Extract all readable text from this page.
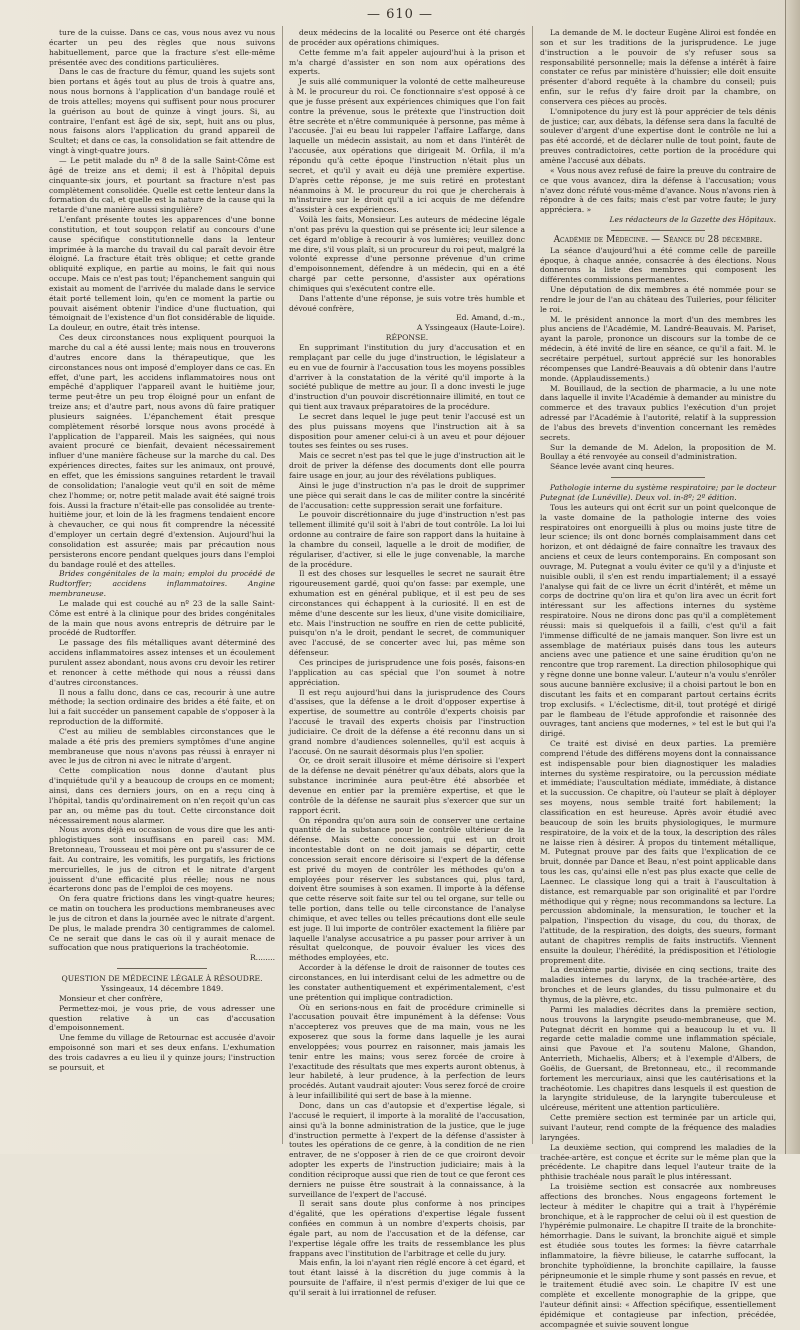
— 610 —

ture de la cuisse. Dans ce cas, vous nous avez vu nous écarter un peu des règles que nous suivons habituellement, parce que la fracture s'est elle-même présentée avec des conditions particulières.

Dans le cas de fracture du fémur, quand les sujets sont bien portans et âgés tout au plus de trois à quatre ans, nous nous bornons à l'application d'un bandage roulé et de trois attelles; moyens qui suffisent pour nous procurer la guérison au bout de quinze à vingt jours. Si, au contraire, l'enfant est âgé de six, sept, huit ans ou plus, nous faisons alors l'application du grand appareil de Scultet; et dans ce cas, la consolidation se fait attendre de vingt à vingt-quatre jours.

— Le petit malade du nº 8 de la salle Saint-Côme est âgé de treize ans et demi; il est à l'hôpital depuis cinquante-six jours, et pourtant sa fracture n'est pas complètement consolidée. Quelle est cette lenteur dans la formation du cal, et quelle est la nature de la cause qui la retarde d'une manière aussi singulière?

L'enfant présente toutes les apparences d'une bonne constitution, et tout soupçon relatif au concours d'une cause spécifique constitutionnelle dans la lenteur imprimée à la marche du travail du cal paraît devoir être éloigné. La fracture était très oblique; et cette grande obliquité explique, en partie au moins, le fait qui nous occupe. Mais ce n'est pas tout; l'épanchement sanguin qui existait au moment de l'arrivée du malade dans le service était porté tellement loin, qu'en ce moment la partie ou pouvait aisément obtenir l'indice d'une fluctuation, qui témoignait de l'existence d'un flot considérable de liquide. La douleur, en outre, était très intense.

Ces deux circonstances nous expliquent pourquoi la marche du cal a été aussi lente; mais nous en trouverons d'autres encore dans la thérapeutique, que les circonstances nous ont imposé d'employer dans ce cas. En effet, d'une part, les accidens inflammatoires nous ont empêché d'appliquer l'appareil avant le huitième jour, terme peut-être un peu trop éloigné pour un enfant de treize ans; et d'autre part, nous avons dû faire pratiquer plusieurs saignées. L'épanchement était presque complètement résorbé lorsque nous avons procédé à l'application de l'appareil. Mais les saignées, qui nous avaient procuré ce bienfait, devaient nécessairement influer d'une manière fâcheuse sur la marche du cal. Des expériences directes, faites sur les animaux, ont prouvé, en effet, que les émissions sanguines retardent le travail de consolidation; l'analogie veut qu'il en soit de même chez l'homme; or, notre petit malade avait été saigné trois fois. Aussi la fracture n'était-elle pas consolidée au trente-huitième jour, et loin de là les fragmens tendaient encore à chevaucher, ce qui nous fit comprendre la nécessité d'employer un certain degré d'extension. Aujourd'hui la consolidation est assurée; mais par précaution nous persisterons encore pendant quelques jours dans l'emploi du bandage roulé et des attelles.

Brides congénitales de la main; emploi du procédé de Rudtorffer; accidens inflammatoires. Angine membraneuse.

Le malade qui est couché au nº 23 de la salle Saint-Côme est entré à la clinique pour des brides congénitales de la main que nous avons entrepris de détruire par le procédé de Rudtorffer.

Le passage des fils métalliques avant déterminé des accidens inflammatoires assez intenses et un écoulement purulent assez abondant, nous avons cru devoir les retirer et renoncer à cette méthode qui nous a réussi dans d'autres circonstances.

Il nous a fallu donc, dans ce cas, recourir à une autre méthode; la section ordinaire des brides a été faite, et on lui a fait succéder un pansement capable de s'opposer à la reproduction de la difformité.

C'est au milieu de semblables circonstances que le malade a été pris des premiers symptômes d'une angine membraneuse que nous n'avons pas réussi à enrayer ni avec le jus de citron ni avec le nitrate d'argent.

Cette complication nous donne d'autant plus d'inquiétude qu'il y a beaucoup de croups en ce moment; ainsi, dans ces derniers jours, on en a reçu cinq à l'hôpital, tandis qu'ordinairement on n'en reçoit qu'un cas par an, ou même pas du tout. Cette circonstance doit nécessairement nous alarmer.

Nous avons déjà eu occasion de vous dire que les anti-phlogistiques sont insuffisans en pareil cas: MM. Bretonneau, Trousseau et moi père ont pu s'assurer de ce fait. Au contraire, les vomitifs, les purgatifs, les frictions mercurielles, le jus de citron et le nitrate d'argent jouissent d'une efficacité plus réelle; nous ne nous écarterons donc pas de l'emploi de ces moyens.

On fera quatre frictions dans les vingt-quatre heures; ce matin on touchera les productions membraneuses avec le jus de citron et dans la journée avec le nitrate d'argent. De plus, le malade prendra 30 centigrammes de calomel. Ce ne serait que dans le cas où il y aurait menace de suffocation que nous pratiquerions la trachéotomie.

R........

QUESTION DE MÉDECINE LÉGALE À RÉSOUDRE.

Yssingeaux, 14 décembre 1849.

Monsieur et cher confrère,

Permettez-moi, je vous prie, de vous adresser une question relative à un cas d'accusation d'empoisonnement.

Une femme du village de Retournac est accusée d'avoir empoisonné son mari et ses deux enfans. L'exhumation des trois cadavres a eu lieu il y quinze jours; l'instruction se poursuit, et

deux médecins de la localité ou Peserce ont été chargés de procéder aux opérations chimiques.

Cette femme m'a fait appeler aujourd'hui à la prison et m'a chargé d'assister en son nom aux opérations des experts.

Je suis allé communiquer la volonté de cette malheureuse à M. le procureur du roi. Ce fonctionnaire s'est opposé à ce que je fusse présent aux expériences chimiques que l'on fait contre la prévenue, sous le prétexte que l'instruction doit être secrète et n'être communiquée à personne, pas même à l'accusée. J'ai eu beau lui rappeler l'affaire Laffarge, dans laquelle un médecin assistait, au nom et dans l'intérêt de l'accusée, aux opérations que dirigeait M. Orfila, il m'a répondu qu'à cette époque l'instruction n'était plus un secret, et qu'il y avait eu déjà une première expertise. D'après cette réponse, je me suis retiré en protestant néanmoins à M. le procureur du roi que je chercherais à m'instruire sur le droit qu'il a ici acquis de me défendre d'assister à ces expériences.

Voilà les faits, Monsieur. Les auteurs de médecine légale n'ont pas prévu la question qui se présente ici; leur silence a cet égard m'oblige à recourir à vos lumières; veuillez donc me dire, s'il vous plaît, si un procureur du roi peut, malgré la volonté expresse d'une personne prévenue d'un crime d'empoisonnement, défendre à un médecin, qui en a été chargé par cette personne, d'assister aux opérations chimiques qui s'exécutent contre elle.

Dans l'attente d'une réponse, je suis votre très humble et dévoué confrère,

Ed. Amand, d.-m.,

A Yssingeaux (Haute-Loire).

RÉPONSE.

En supprimant l'institution du jury d'accusation et en remplaçant par celle du juge d'instruction, le législateur a eu en vue de fournir à l'accusation tous les moyens possibles d'arriver à la constatation de la vérité qu'il importe à la société publique de mettre au jour. Il a donc investi le juge d'instruction d'un pouvoir discrétionnaire illimité, en tout ce qui tient aux travaux préparatoires de la procédure.

Le secret dans lequel le juge peut tenir l'accusé est un des plus puissans moyens que l'instruction ait à sa disposition pour amener celui-ci à un aveu et pour déjouer toutes ses feintes ou ses ruses.

Mais ce secret n'est pas tel que le juge d'instruction ait le droit de priver la défense des documents dont elle pourra faire usage en jour, au jour des révélations publiques.

Ainsi le juge d'instruction n'a pas le droit de supprimer une pièce qui serait dans le cas de militer contre la sincérité de l'accusation: cette suppression serait une forfaiture.

Le pouvoir discrétionnaire du juge d'instruction n'est pas tellement illimité qu'il soit à l'abri de tout contrôle. La loi lui ordonne au contraire de faire son rapport dans la huitaine à la chambre du conseil, laquelle a le droit de modifier, de régulariser, d'activer, si elle le juge convenable, la marche de la procédure.

Il est des choses sur lesquelles le secret ne saurait être rigoureusement gardé, quoi qu'on fasse: par exemple, une exhumation est en général publique, et il est peu de ses circonstances qui échappent à la curiosité. Il en est de même d'une descente sur les lieux, d'une visite domiciliaire, etc. Mais l'instruction ne souffre en rien de cette publicité, puisqu'on n'a le droit, pendant le secret, de communiquer avec l'accusé, de se concerter avec lui, pas même son défenseur.

Ces principes de jurisprudence une fois posés, faisons-en l'application au cas spécial que l'on soumet à notre appréciation.

Il est reçu aujourd'hui dans la jurisprudence des Cours d'assises, que la défense a le droit d'opposer expertise à expertise, de soumettre au contrôle d'experts choisis par l'accusé le travail des experts choisis par l'instruction judiciaire. Ce droit de la défense a été reconnu dans un si grand nombre d'audiences solennelles, qu'il est acquis à l'accusé. On ne saurait désormais plus l'en spolier.

Or, ce droit serait illusoire et même dérisoire si l'expert de la défense ne devait pénétrer qu'aux débats, alors que la substance incriminée aura peut-être été absorbée et devenue en entier par la première expertise, et que le contrôle de la défense ne saurait plus s'exercer que sur un rapport écrit.

On répondra qu'on aura soin de conserver une certaine quantité de la substance pour le contrôle ultérieur de la défense. Mais cette concession, qui est un droit incontestable dont on ne doit jamais se départir, cette concession serait encore dérisoire si l'expert de la défense est privé du moyen de contrôler les méthodes qu'on a employées pour réserver les substances qui, plus tard, doivent être soumises à son examen. Il importe à la défense que cette réserve soit faite sur tel ou tel organe, sur telle ou telle portion, dans telle ou telle circonstance de l'analyse chimique, et avec telles ou telles précautions dont elle seule est juge. Il lui importe de contrôler exactement la filière par laquelle l'analyse accusatrice a pu passer pour arriver à un résultat quelconque, de pouvoir évaluer les vices des méthodes employées, etc.

Accorder à la défense le droit de raisonner de toutes ces circonstances, en lui interdisant celui de les admettre ou de les constater authentiquement et expérimentalement, c'est une prétention qui implique contradiction.

Où en serions-nous en fait de procédure criminelle si l'accusation pouvait être impunément à la défense: Vous n'accepterez vos preuves que de ma main, vous ne les exposerez que sous la forme dans laquelle je les aurai enveloppées; vous pourrez en raisonner, mais jamais les tenir entre les mains; vous serez forcée de croire à l'exactitude des résultats que mes experts auront obtenus, à leur habileté, à leur prudence, à la perfection de leurs procédés. Autant vaudrait ajouter: Vous serez forcé de croire à leur infaillibilité qui sert de base à la mienne.

Donc, dans un cas d'autopsie et d'expertise légale, si l'accusé le requiert, il importe à la moralité de l'accusation, ainsi qu'à la bonne administration de la justice, que le juge d'instruction permette à l'expert de la défense d'assister à toutes les opérations de ce genre, à la condition de ne rien entraver, de ne s'opposer à rien de ce que croiront devoir adopter les experts de l'instruction judiciaire; mais à la condition réciproque aussi que rien de tout ce que feront ces derniers ne puisse être soustrait à la connaissance, à la surveillance de l'expert de l'accusé.

Il serait sans doute plus conforme à nos principes d'égalité, que les opérations d'expertise légale fussent confiées en commun à un nombre d'experts choisis, par égale part, au nom de l'accusation et de la défense, car l'expertise légale offre les traits de ressemblance les plus frappans avec l'institution de l'arbitrage et celle du jury.

Mais enfin, la loi n'ayant rien réglé encore à cet égard, et tout étant laissé à la discrétion du juge commis à la poursuite de l'affaire, il n'est permis d'exiger de lui que ce qu'il serait à lui irrationnel de refuser.

La demande de M. le docteur Eugène Aliroi est fondée en son et sur les traditions de la jurisprudence. Le juge d'instruction a le pouvoir de s'y refuser sous sa responsabilité personnelle; mais la défense a intérêt à faire constater ce refus par ministère d'huissier; elle doit ensuite présenter d'abord requête à la chambre du conseil; puis enfin, sur le refus d'y faire droit par la chambre, on conservera ces pièces au procès.

L'omnipotence du jury est là pour apprécier de tels dénis de justice; car, aux débats, la défense sera dans la faculté de soulever d'argent d'une expertise dont le contrôle ne lui a pas été accordé, et de déclarer nulle de tout point, faute de preuves contradictoires, cette portion de la procédure qui amène l'accusé aux débats.

« Vous nous avez refusé de faire la preuve du contraire de ce que vous avancez, dira la défense à l'accusation; vous n'avez donc réfuté vous-même d'avance. Nous n'avons rien à répondre à de ces faits; mais c'est par votre faute; le jury appréciera. »

Les rédacteurs de la Gazette des Hôpitaux.

Académie de Médecine. — Séance du 28 décembre.

La séance d'aujourd'hui a été comme celle de pareille époque, à chaque année, consacrée à des élections. Nous donnerons la liste des membres qui composent les différentes commissions permanentes.

Une députation de dix membres a été nommée pour se rendre le jour de l'an au château des Tuileries, pour féliciter le roi.

M. le président annonce la mort d'un des membres les plus anciens de l'Académie, M. Landré-Beauvais. M. Pariset, ayant la parole, prononce un discours sur la tombe de ce médecin, à été invité de lire en séance, ce qu'il a fait. M. le secrétaire perpétuel, surtout apprécié sur les honorables récompenses que Landré-Beauvais a dû obtenir dans l'autre monde. (Applaudissements.)

M. Bouillaud, de la section de pharmacie, a lu une note dans laquelle il invite l'Académie à demander au ministre du commerce et des travaux publics l'exécution d'un projet adressé par l'Académie à l'autorité, relatif à la suppression de l'abus des brevets d'invention concernant les remèdes secrets.

Sur la demande de M. Adelon, la proposition de M. Boullay a été renvoyée au conseil d'administration.

Séance levée avant cinq heures.

Pathologie interne du système respiratoire; par le docteur Putegnat (de Lunéville). Deux vol. in-8º; 2º édition.

Tous les auteurs qui ont écrit sur un point quelconque de la vaste domaine de la pathologie interne des voies respiratoires ont enorgueilli à plus ou moins juste titre de leur science; ils ont donc bornés complaisamment dans cet horizon, et ont dédaigné de faire connaître les travaux des anciens et ceux de leurs contemporains. En composant son ouvrage, M. Putegnat a voulu éviter ce qu'il y a d'injuste et nuisible oubli, il s'en est rendu impartialement; il a essayé l'analyse qui fait de ce livre un écrit d'intérêt, et même un corps de doctrine qu'on lira et qu'on lira avec un écrit fort intéressant sur les affections internes du système respiratoire. Nous ne dirons donc pas qu'il a complètement réussi: mais si quelquefois il a failli, c'est qu'il a fait l'immense difficulté de ne jamais manquer. Son livre est un assemblage de matériaux puisés dans tous les auteurs anciens avec une patience et une saine érudition qu'on ne rencontre que trop rarement. La direction philosophique qui y règne donne une bonne valeur. L'auteur n'a voulu s'enrôler sous aucune bannière exclusive; il a choisi partout le bon en discutant les faits et en comparant partout certains écrits trop exclusifs. « L'éclectisme, dit-il, tout protégé et dirigé par le flambeau de l'étude approfondie et raisonnée des ouvrages, tant anciens que modernes, » tel est le but qui l'a dirigé.

Ce traité est divisé en deux parties. La première comprend l'étude des différens moyens dont la connaissance est indispensable pour bien diagnostiquer les maladies internes du système respiratoire, ou la percussion médiate et immédiate; l'auscultation médiate, immédiate, à distance et la succussion. Ce chapitre, où l'auteur se plaît à déployer ses moyens, nous semble traité fort habilement; la classification en est heureuse. Après avoir étudié avec beaucoup de soin les bruits physiologiques, le murmure respiratoire, de la voix et de la toux, la description des râles ne laisse rien à désirer. À propos du tintement métallique, M. Putegnat prouve par des faits que l'explication de ce bruit, donnée par Dance et Beau, n'est point applicable dans tous les cas, qu'ainsi elle n'est pas plus exacte que celle de Laennec. Le classique long qui a trait à l'auscultation à distance, est remarquable par son originalité et par l'ordre méthodique qui y règne; nous recommandons sa lecture. La percussion abdominale, la mensuration, le toucher et la palpation, l'inspection du visage, du cou, du thorax, de l'attitude, de la respiration, des doigts, des sueurs, formant autant de chapitres remplis de faits instructifs. Viennent ensuite la douleur, l'hérédité, la prédisposition et l'étiologie proprement dite.

La deuxième partie, divisée en cinq sections, traite des maladies internes du larynx, de la trachée-artère, des bronches et de leurs glandes, du tissu pulmonaire et du thymus, de la plèvre, etc.

Parmi les maladies décrites dans la première section, nous trouvons la laryngite pseudo-membraneuse, que M. Putegnat décrit en homme qui a beaucoup lu et vu. Il regarde cette maladie comme une inflammation spéciale, ainsi que Pavoue et l'a soutenu Malone, Ghandon, Anterrieth, Michaelis, Albers; et à l'exemple d'Albers, de Goëlis, de Guersant, de Bretonneau, etc., il recommande fortement les mercuriaux, ainsi que les cautérisations et la trachéotomie. Les chapitres dans lesquels il est question de la laryngite striduleuse, de la laryngite tuberculeuse et ulcéreuse, méritent une attention particulière.

Cette première section est terminée par un article qui, suivant l'auteur, rend compte de la fréquence des maladies laryngées.

La deuxième section, qui comprend les maladies de la trachée-artère, est conçue et écrite sur le même plan que la précédente. Le chapitre dans lequel l'auteur traite de la phthisie trachéale nous paraît le plus intéressant.

La troisième section est consacrée aux nombreuses affections des bronches. Nous engageons fortement le lecteur à méditer le chapitre qui a trait à l'hypérémie bronchique, et à le rapprocher de celui où il est question de l'hypérémie pulmonaire. Le chapitre II traite de la bronchite-hémorrhagie. Dans le suivant, la bronchite aiguë et simple est étudiée sous toutes les formes: la fièvre catarrhale inflammatoire, la fièvre bilieuse, le catarrhe suffocant, la bronchite typhoïdienne, la bronchite capillaire, la fausse péripneumonie et le simple rhume y sont passés en revue, et le traitement étudié avec soin. Le chapitre IV est une complète et excellente monographie de la grippe, que l'auteur définit ainsi: « Affection spécifique, essentiellement épidémique et contagieuse par infection, précédée, accompagnée et suivie souvent longue
